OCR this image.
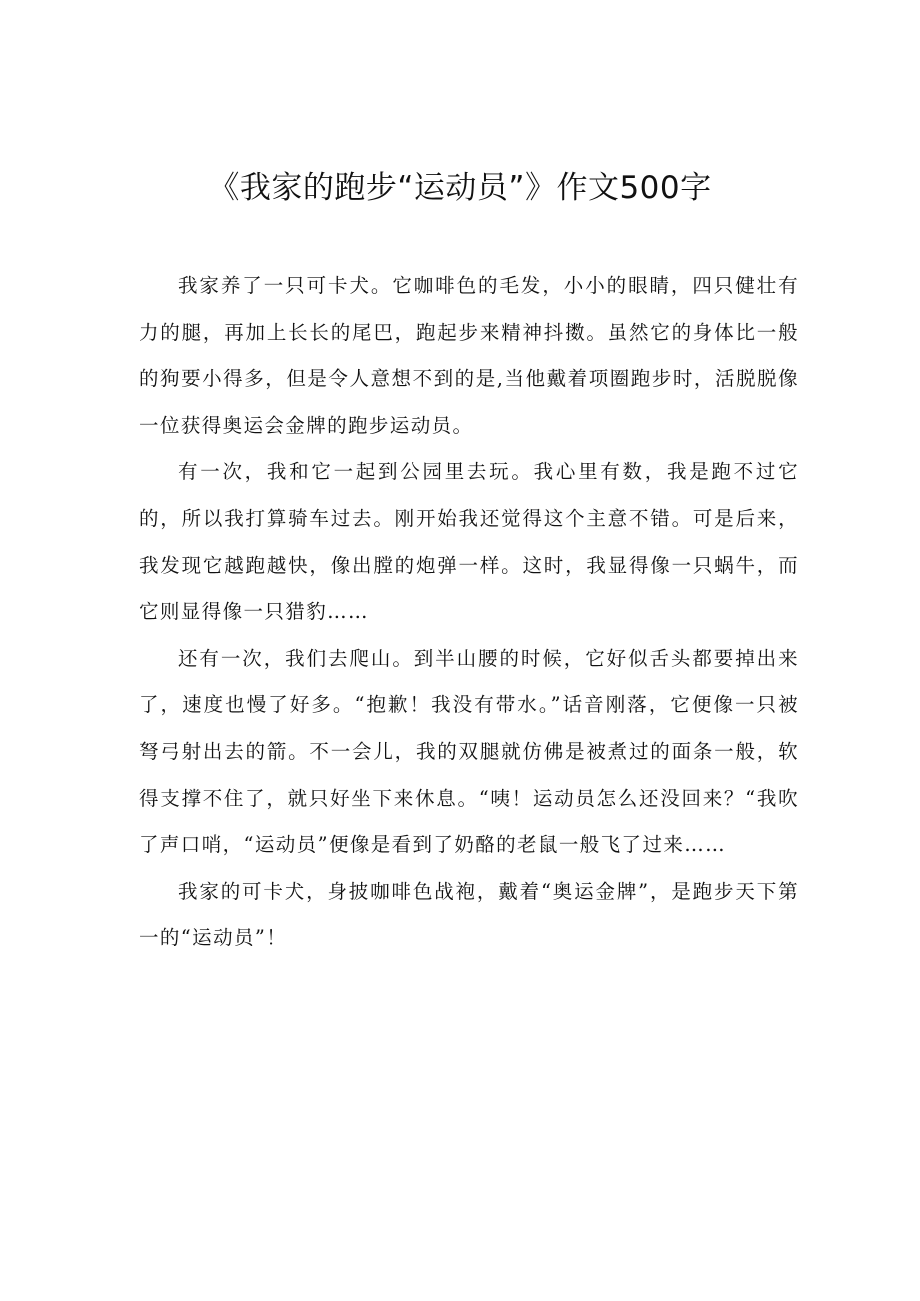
《我家的跑步“运动员”》作文500字

我家养了一只可卡犬。它咖啡色的毛发，小小的眼睛，四只健壮有力的腿，再加上长长的尾巴，跑起步来精神抖擞。虽然它的身体比一般的狗要小得多，但是令人意想不到的是,当他戴着项圈跑步时，活脱脱像一位获得奥运会金牌的跑步运动员。

有一次，我和它一起到公园里去玩。我心里有数，我是跑不过它的，所以我打算骑车过去。刚开始我还觉得这个主意不错。可是后来，我发现它越跑越快，像出膛的炮弹一样。这时，我显得像一只蜗牛，而它则显得像一只猎豹……

还有一次，我们去爬山。到半山腰的时候，它好似舌头都要掉出来了，速度也慢了好多。“抱歉！我没有带水。”话音刚落，它便像一只被弩弓射出去的箭。不一会儿，我的双腿就仿佛是被煮过的面条一般，软得支撑不住了，就只好坐下来休息。“咦！运动员怎么还没回来？“我吹了声口哨，“运动员”便像是看到了奶酪的老鼠一般飞了过来……

我家的可卡犬，身披咖啡色战袍，戴着“奥运金牌”，是跑步天下第一的“运动员”！
